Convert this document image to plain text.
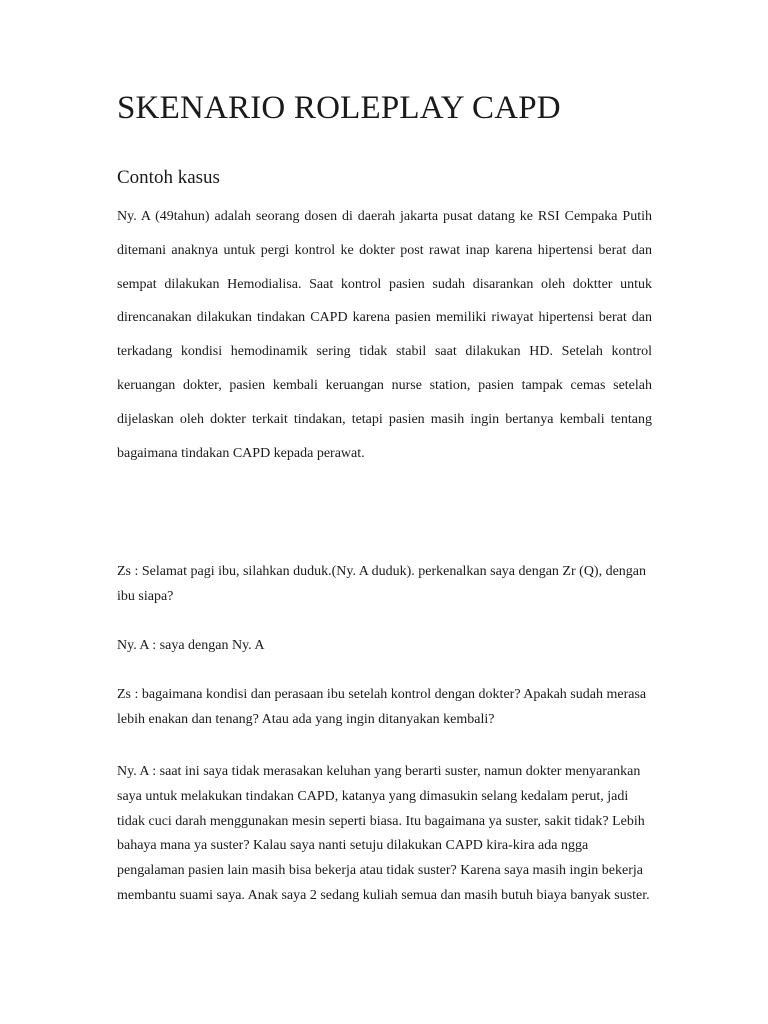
SKENARIO ROLEPLAY CAPD
Contoh kasus

Ny. A (49tahun) adalah seorang dosen di daerah jakarta pusat datang ke RSI Cempaka Putih ditemani anaknya untuk pergi kontrol ke dokter post rawat inap karena hipertensi berat dan sempat dilakukan Hemodialisa. Saat kontrol pasien sudah disarankan oleh doktter untuk direncanakan dilakukan tindakan CAPD karena pasien memiliki riwayat hipertensi berat dan terkadang kondisi hemodinamik sering tidak stabil saat dilakukan HD. Setelah kontrol keruangan dokter, pasien kembali keruangan nurse station, pasien tampak cemas setelah dijelaskan oleh dokter terkait tindakan, tetapi pasien masih ingin bertanya kembali tentang bagaimana tindakan CAPD kepada perawat.

Zs : Selamat pagi ibu, silahkan duduk.(Ny. A duduk). perkenalkan saya dengan Zr (Q), dengan ibu siapa?

Ny. A : saya dengan Ny. A

Zs : bagaimana kondisi dan perasaan ibu setelah kontrol dengan dokter? Apakah sudah merasa lebih enakan dan tenang? Atau ada yang ingin ditanyakan kembali?

Ny. A : saat ini saya tidak merasakan keluhan yang berarti suster, namun dokter menyarankan saya untuk melakukan tindakan CAPD, katanya yang dimasukin selang kedalam perut, jadi tidak cuci darah menggunakan mesin seperti biasa. Itu bagaimana ya suster, sakit tidak? Lebih bahaya mana ya suster? Kalau saya nanti setuju dilakukan CAPD kira-kira ada ngga pengalaman pasien lain masih bisa bekerja atau tidak suster? Karena saya masih ingin bekerja membantu suami saya. Anak saya 2 sedang kuliah semua dan masih butuh biaya banyak suster.
